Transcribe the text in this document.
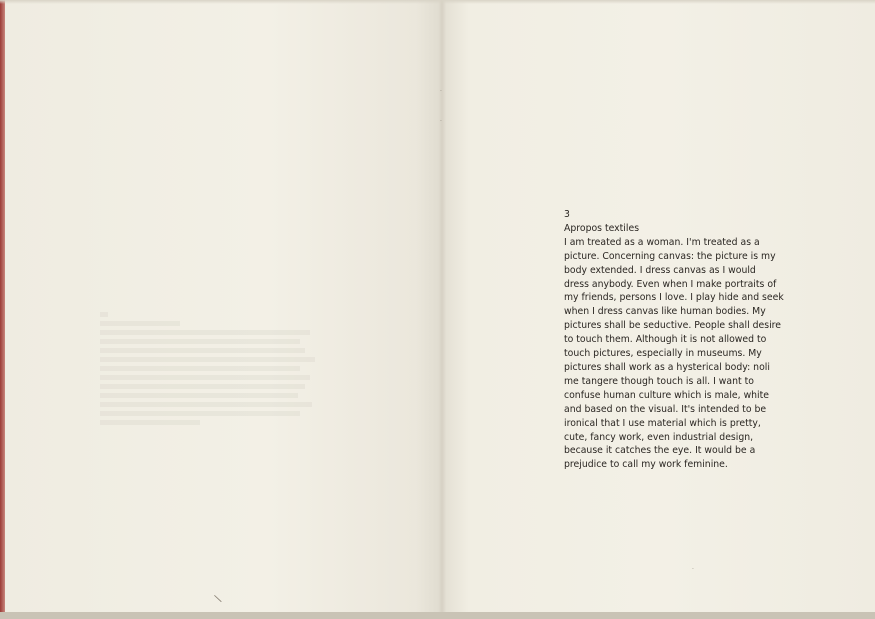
\
·
·
·
3
Apropos textiles
I am treated as a woman. I'm treated as a
picture. Concerning canvas: the picture is my
body extended. I dress canvas as I would
dress anybody. Even when I make portraits of
my friends, persons I love. I play hide and seek
when I dress canvas like human bodies. My
pictures shall be seductive. People shall desire
to touch them. Although it is not allowed to
touch pictures, especially in museums. My
pictures shall work as a hysterical body: noli
me tangere though touch is all. I want to
confuse human culture which is male, white
and based on the visual. It's intended to be
ironical that I use material which is pretty,
cute, fancy work, even industrial design,
because it catches the eye. It would be a
prejudice to call my work feminine.
